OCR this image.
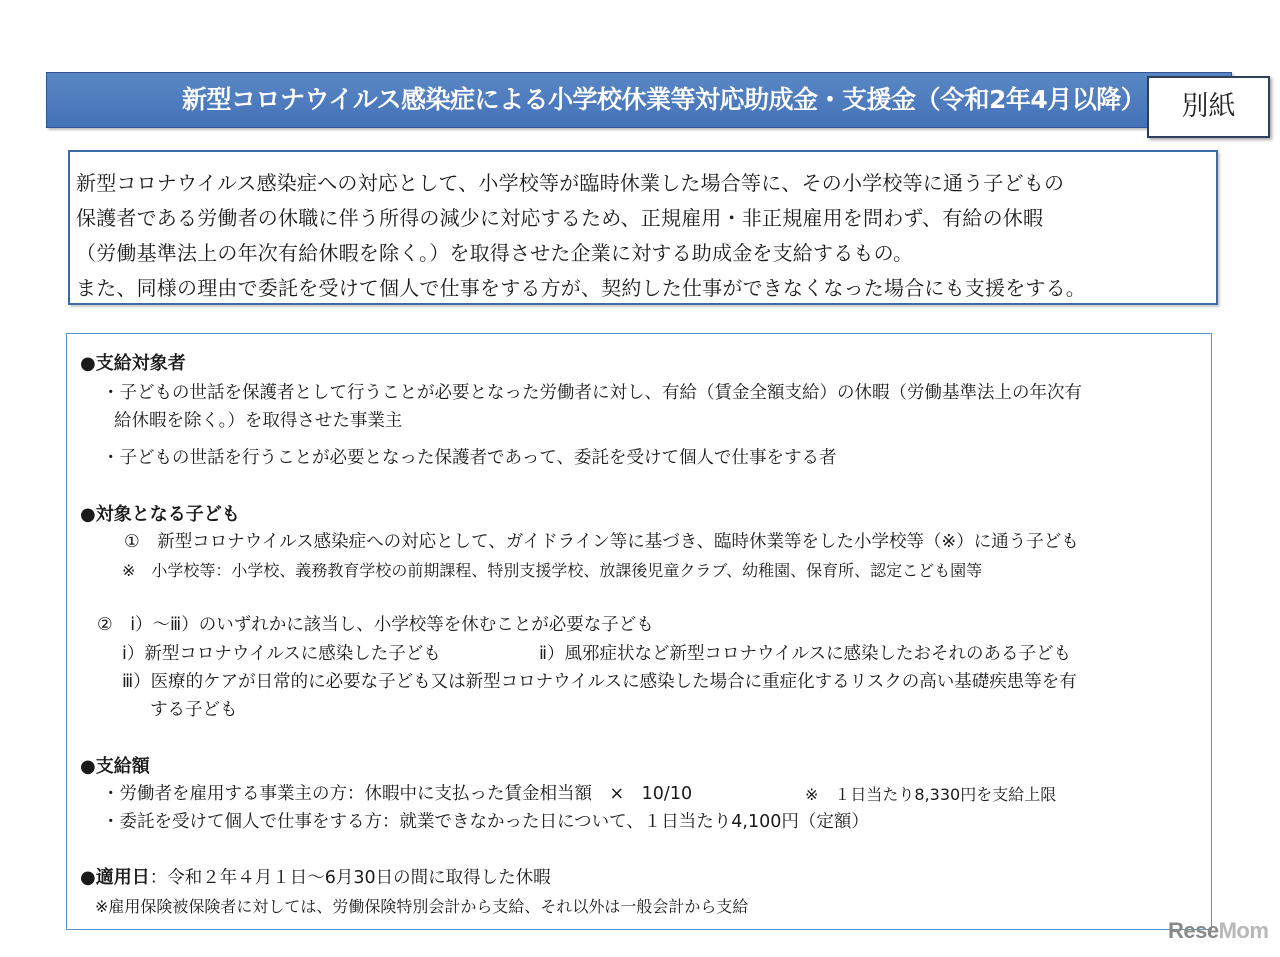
新型コロナウイルス感染症による小学校休業等対応助成金・支援金（令和2年4月以降）	別紙
新型コロナウイルス感染症への対応として、小学校等が臨時休業した場合等に、その小学校等に通う子どもの
保護者である労働者の休職に伴う所得の減少に対応するため、正規雇用・非正規雇用を問わず、有給の休暇
（労働基準法上の年次有給休暇を除く。）を取得させた企業に対する助成金を支給するもの。
また、同様の理由で委託を受けて個人で仕事をする方が、契約した仕事ができなくなった場合にも支援をする。
●支給対象者
・子どもの世話を保護者として行うことが必要となった労働者に対し、有給（賃金全額支給）の休暇（労働基準法上の年次有
給休暇を除く。）を取得させた事業主
・子どもの世話を行うことが必要となった保護者であって、委託を受けて個人で仕事をする者
●対象となる子ども
①　新型コロナウイルス感染症への対応として、ガイドライン等に基づき、臨時休業等をした小学校等（※）に通う子ども
※　小学校等：小学校、義務教育学校の前期課程、特別支援学校、放課後児童クラブ、幼稚園、保育所、認定こども園等
②　ⅰ）～ⅲ）のいずれかに該当し、小学校等を休むことが必要な子ども
ⅰ）新型コロナウイルスに感染した子ども	ⅱ）風邪症状など新型コロナウイルスに感染したおそれのある子ども
ⅲ）医療的ケアが日常的に必要な子ども又は新型コロナウイルスに感染した場合に重症化するリスクの高い基礎疾患等を有
する子ども
●支給額
・労働者を雇用する事業主の方：休暇中に支払った賃金相当額　×　10/10	※　１日当たり8,330円を支給上限
・委託を受けて個人で仕事をする方：就業できなかった日について、１日当たり4,100円（定額）
●適用日：令和２年４月１日～6月30日の間に取得した休暇
※雇用保険被保険者に対しては、労働保険特別会計から支給、それ以外は一般会計から支給
ReseMom
